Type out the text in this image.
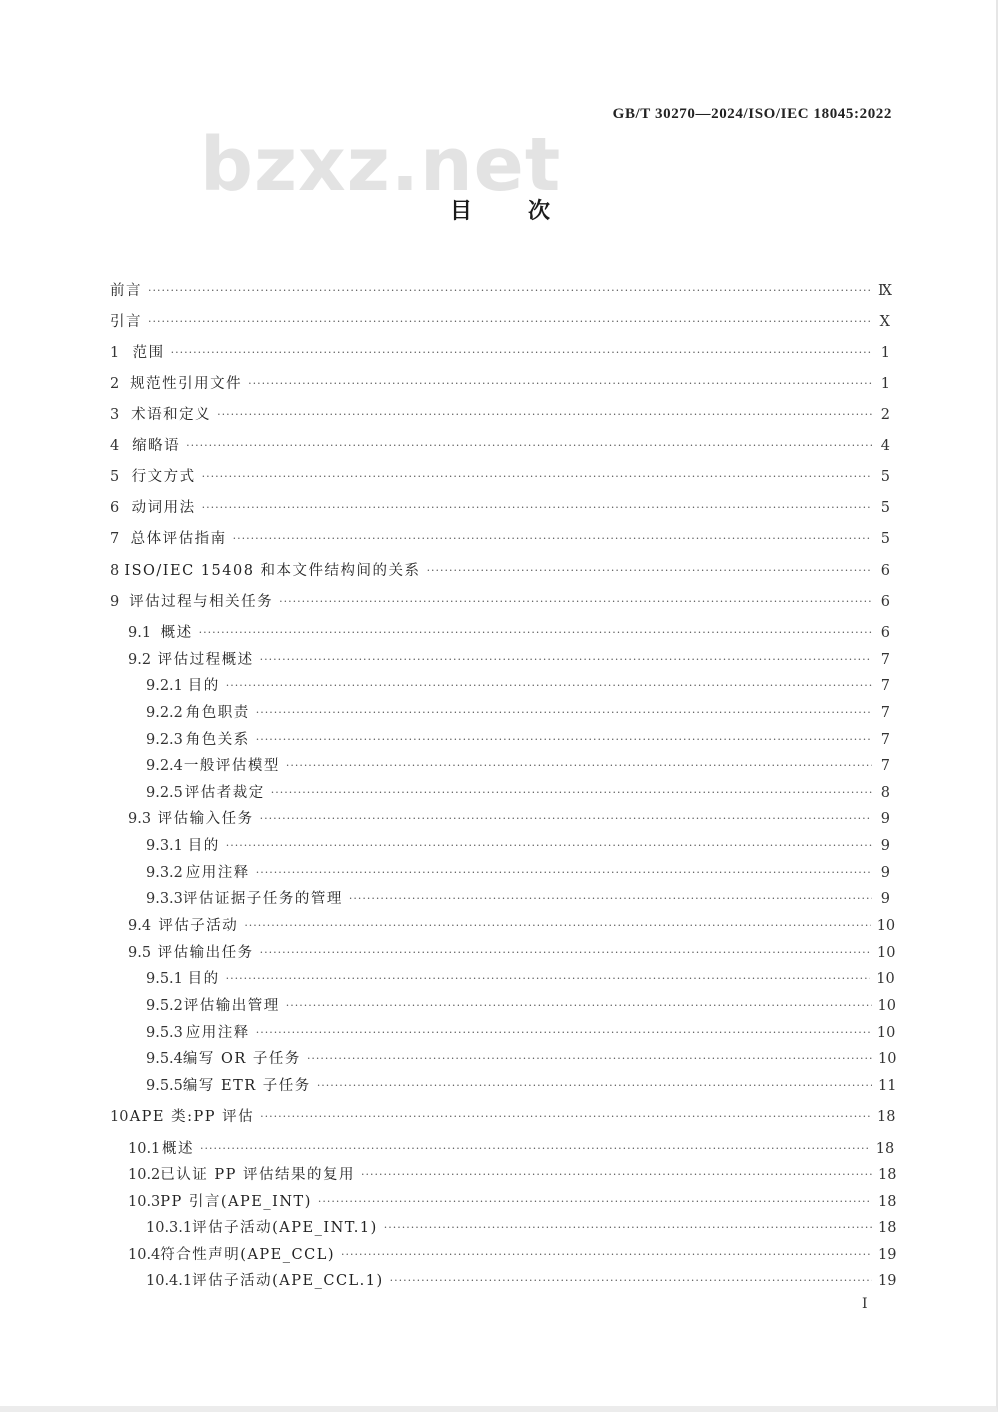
GB/T 30270—2024/ISO/IEC 18045:2022
bzxz.net
目次
前言 ·····	Ⅸ
引言 ·····	Ⅹ
1 范围 ·····	1
2 规范性引用文件 ·····	1
3 术语和定义 ·····	2
4 缩略语 ·····	4
5 行文方式 ·····	5
6 动词用法 ·····	5
7 总体评估指南 ·····	5
8 ISO/IEC 15408 和本文件结构间的关系 ·····	6
9 评估过程与相关任务 ·····	6
9.1 概述 ·····	6
9.2 评估过程概述 ·····	7
9.2.1 目的 ·····	7
9.2.2 角色职责 ·····	7
9.2.3 角色关系 ·····	7
9.2.4 一般评估模型 ·····	7
9.2.5 评估者裁定 ·····	8
9.3 评估输入任务 ·····	9
9.3.1 目的 ·····	9
9.3.2 应用注释 ·····	9
9.3.3 评估证据子任务的管理 ·····	9
9.4 评估子活动 ·····	10
9.5 评估输出任务 ·····	10
9.5.1 目的 ·····	10
9.5.2 评估输出管理 ·····	10
9.5.3 应用注释 ·····	10
9.5.4 编写 OR 子任务 ·····	10
9.5.5 编写 ETR 子任务 ·····	11
10 APE 类:PP 评估 ·····	18
10.1 概述 ·····	18
10.2 已认证 PP 评估结果的复用 ·····	18
10.3 PP 引言(APE_INT) ·····	18
10.3.1 评估子活动(APE_INT.1) ·····	18
10.4 符合性声明(APE_CCL) ·····	19
10.4.1 评估子活动(APE_CCL.1) ·····	19
I
